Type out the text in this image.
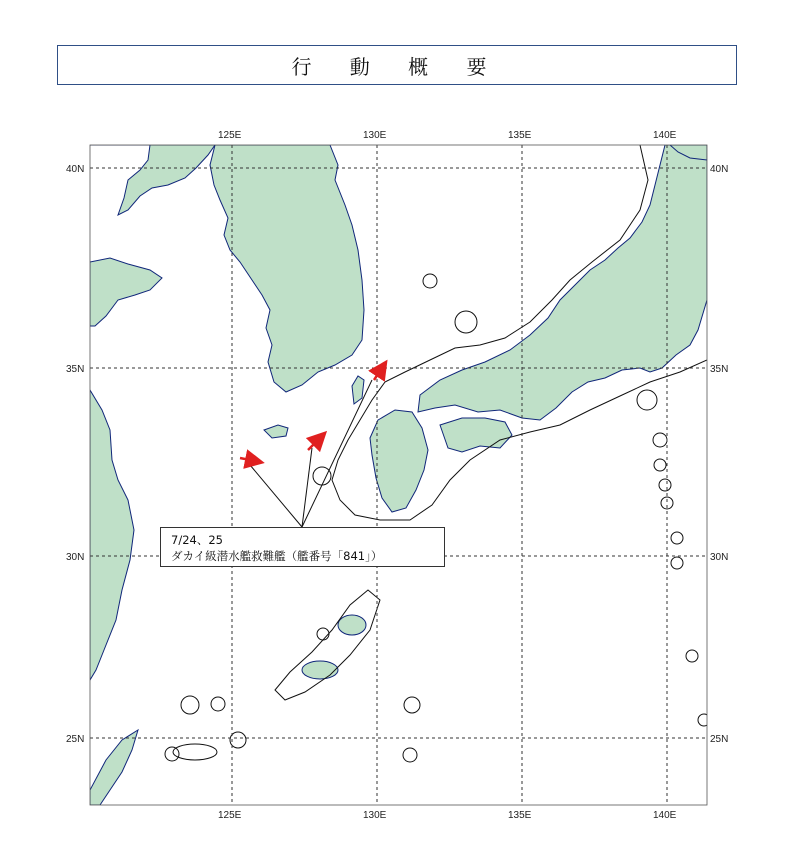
行 動 概 要
125E	130E	135E	140E
125E	130E	135E	140E
40N
35N
30N
25N
40N
35N
30N
25N
7/24、25
ダカイ級潜水艦救難艦（艦番号「841」）
